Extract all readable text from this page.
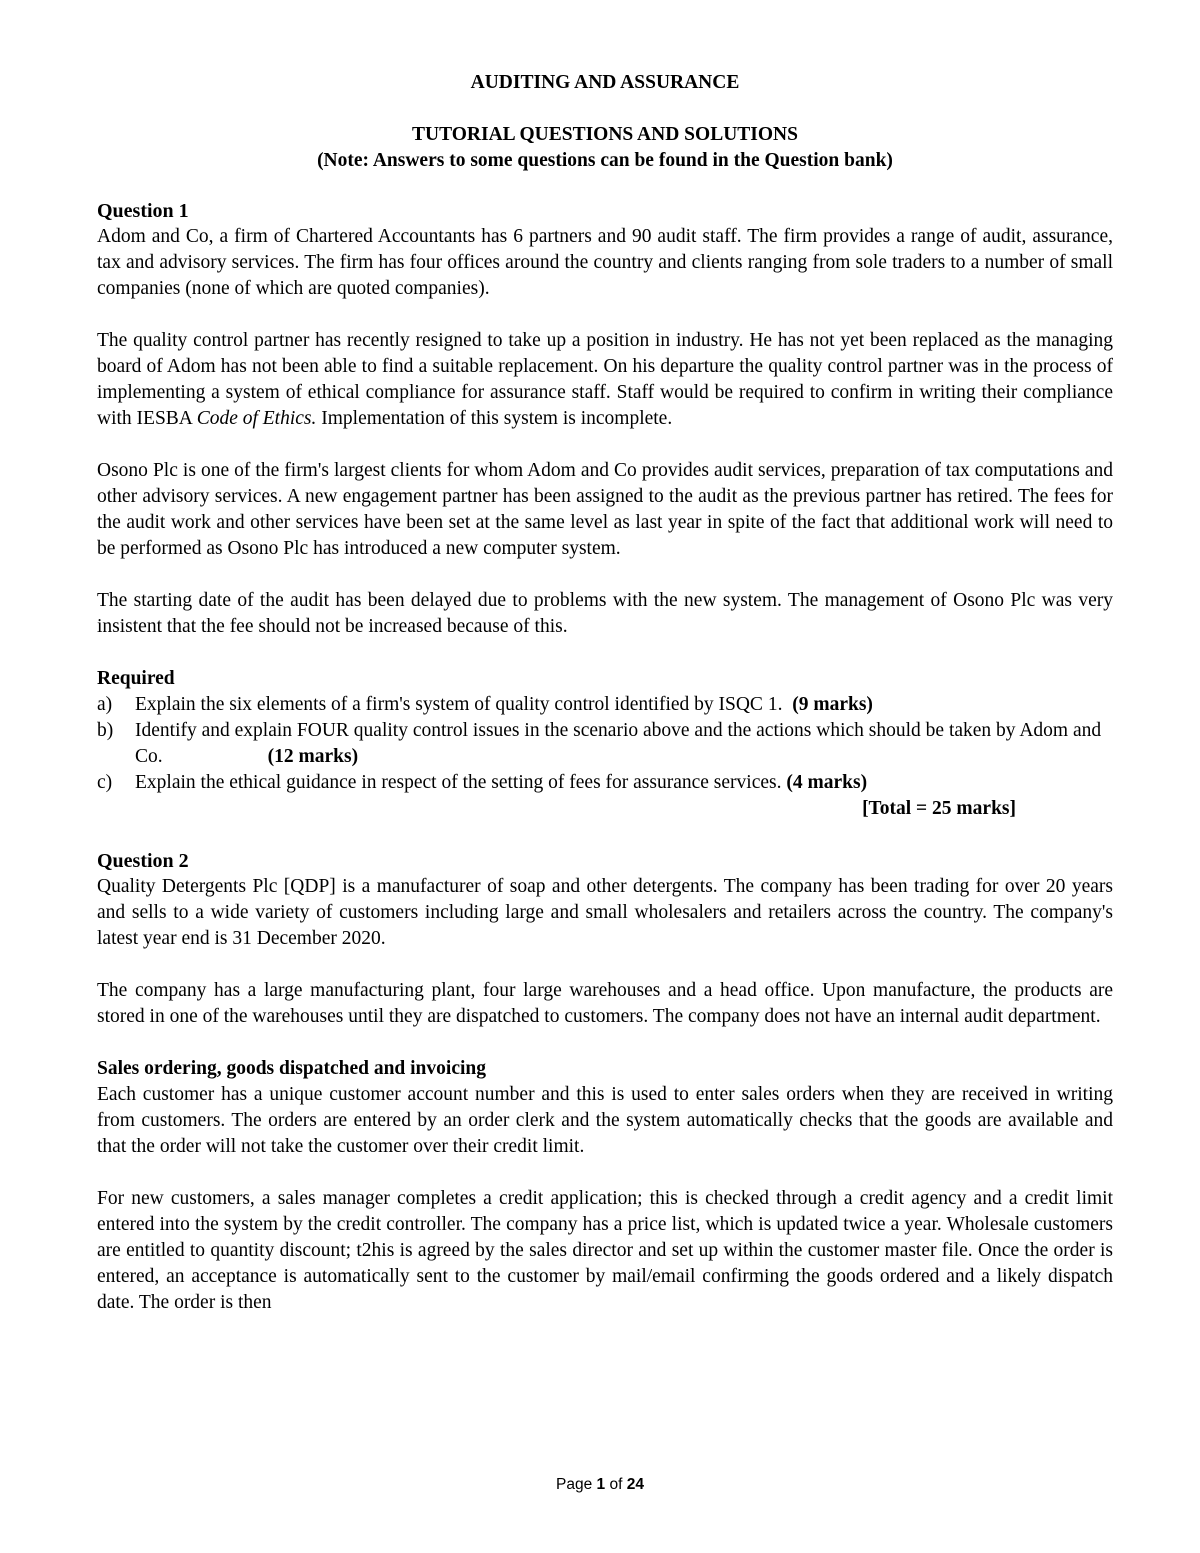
AUDITING AND ASSURANCE

TUTORIAL QUESTIONS AND SOLUTIONS

(Note: Answers to some questions can be found in the Question bank)

Question 1

Adom and Co, a firm of Chartered Accountants has 6 partners and 90 audit staff. The firm provides a range of audit, assurance, tax and advisory services. The firm has four offices around the country and clients ranging from sole traders to a number of small companies (none of which are quoted companies).

The quality control partner has recently resigned to take up a position in industry. He has not yet been replaced as the managing board of Adom has not been able to find a suitable replacement. On his departure the quality control partner was in the process of implementing a system of ethical compliance for assurance staff. Staff would be required to confirm in writing their compliance with IESBA Code of Ethics. Implementation of this system is incomplete.

Osono Plc is one of the firm's largest clients for whom Adom and Co provides audit services, preparation of tax computations and other advisory services. A new engagement partner has been assigned to the audit as the previous partner has retired. The fees for the audit work and other services have been set at the same level as last year in spite of the fact that additional work will need to be performed as Osono Plc has introduced a new computer system.

The starting date of the audit has been delayed due to problems with the new system. The management of Osono Plc was very insistent that the fee should not be increased because of this.

Required

a) Explain the six elements of a firm's system of quality control identified by ISQC 1. (9 marks)
b) Identify and explain FOUR quality control issues in the scenario above and the actions which should be taken by Adom and Co.	(12 marks)
c) Explain the ethical guidance in respect of the setting of fees for assurance services. (4 marks)

[Total = 25 marks]

Question 2

Quality Detergents Plc [QDP] is a manufacturer of soap and other detergents. The company has been trading for over 20 years and sells to a wide variety of customers including large and small wholesalers and retailers across the country. The company's latest year end is 31 December 2020.

The company has a large manufacturing plant, four large warehouses and a head office. Upon manufacture, the products are stored in one of the warehouses until they are dispatched to customers. The company does not have an internal audit department.

Sales ordering, goods dispatched and invoicing

Each customer has a unique customer account number and this is used to enter sales orders when they are received in writing from customers. The orders are entered by an order clerk and the system automatically checks that the goods are available and that the order will not take the customer over their credit limit.

For new customers, a sales manager completes a credit application; this is checked through a credit agency and a credit limit entered into the system by the credit controller. The company has a price list, which is updated twice a year. Wholesale customers are entitled to quantity discount; t2his is agreed by the sales director and set up within the customer master file. Once the order is entered, an acceptance is automatically sent to the customer by mail/email confirming the goods ordered and a likely dispatch date. The order is then

Page 1 of 24
